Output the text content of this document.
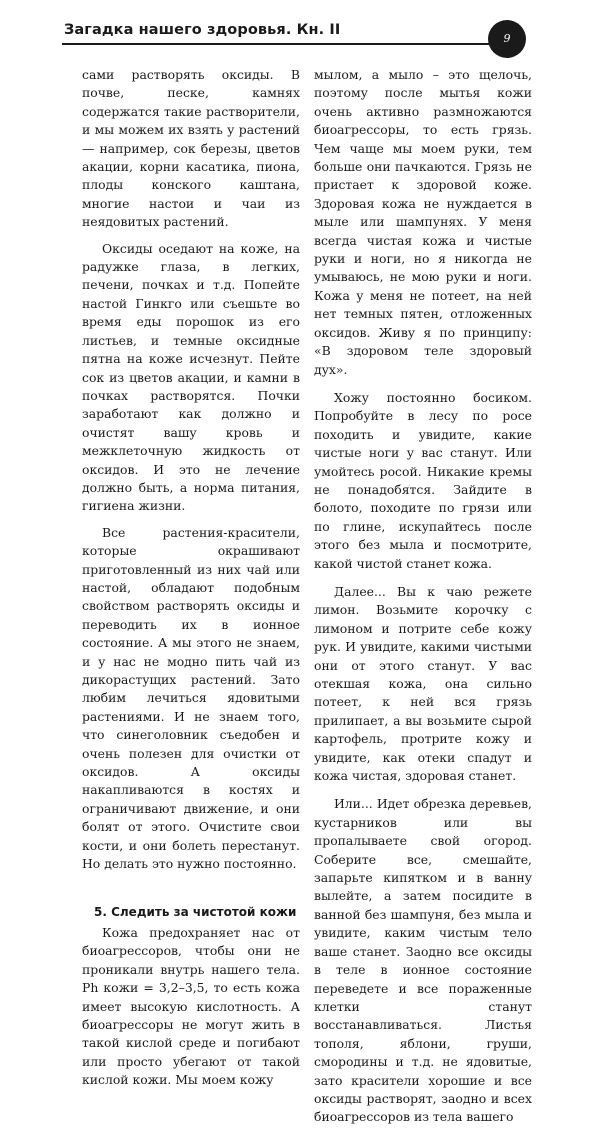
Загадка нашего здоровья. Кн. II
9

сами растворять оксиды. В почве, песке, камнях содержатся такие растворители, и мы можем их взять у растений — например, сок березы, цветов акации, корни касатика, пиона, плоды конского каштана, многие настои и чаи из неядовитых растений.

Оксиды оседают на коже, на радужке глаза, в легких, печени, почках и т.д. Попейте настой Гинкго или съешьте во время еды порошок из его листьев, и темные оксидные пятна на коже исчезнут. Пейте сок из цветов акации, и камни в почках растворятся. Почки заработают как должно и очистят вашу кровь и межклеточную жидкость от оксидов. И это не лечение должно быть, а норма питания, гигиена жизни.

Все растения-красители, которые окрашивают приготовленный из них чай или настой, обладают подобным свойством растворять оксиды и переводить их в ионное состояние. А мы этого не знаем, и у нас не модно пить чай из дикорастущих растений. Зато любим лечиться ядовитыми растениями. И не знаем того, что синеголовник съедобен и очень полезен для очистки от оксидов. А оксиды накапливаются в костях и ограничивают движение, и они болят от этого. Очистите свои кости, и они болеть перестанут. Но делать это нужно постоянно.

5. Следить за чистотой кожи

Кожа предохраняет нас от биоагрессоров, чтобы они не проникали внутрь нашего тела. Ph кожи = 3,2–3,5, то есть кожа имеет высокую кислотность. А биоагрессоры не могут жить в такой кислой среде и погибают или просто убегают от такой кислой кожи. Мы моем кожу

мылом, а мыло – это щелочь, поэтому после мытья кожи очень активно размножаются биоагрессоры, то есть грязь. Чем чаще мы моем руки, тем больше они пачкаются. Грязь не пристает к здоровой коже. Здоровая кожа не нуждается в мыле или шампунях. У меня всегда чистая кожа и чистые руки и ноги, но я никогда не умываюсь, не мою руки и ноги. Кожа у меня не потеет, на ней нет темных пятен, отложенных оксидов. Живу я по принципу: «В здоровом теле здоровый дух».

Хожу постоянно босиком. Попробуйте в лесу по росе походить и увидите, какие чистые ноги у вас станут. Или умойтесь росой. Никакие кремы не понадобятся. Зайдите в болото, походите по грязи или по глине, искупайтесь после этого без мыла и посмотрите, какой чистой станет кожа.

Далее... Вы к чаю режете лимон. Возьмите корочку с лимоном и потрите себе кожу рук. И увидите, какими чистыми они от этого станут. У вас отекшая кожа, она сильно потеет, к ней вся грязь прилипает, а вы возьмите сырой картофель, протрите кожу и увидите, как отеки спадут и кожа чистая, здоровая станет.

Или... Идет обрезка деревьев, кустарников или вы пропалываете свой огород. Соберите все, смешайте, запарьте кипятком и в ванну вылейте, а затем посидите в ванной без шампуня, без мыла и увидите, каким чистым тело ваше станет. Заодно все оксиды в теле в ионное состояние переведете и все пораженные клетки станут восстанавливаться. Листья тополя, яблони, груши, смородины и т.д. не ядовитые, зато красители хорошие и все оксиды растворят, заодно и всех биоагрессоров из тела вашего
